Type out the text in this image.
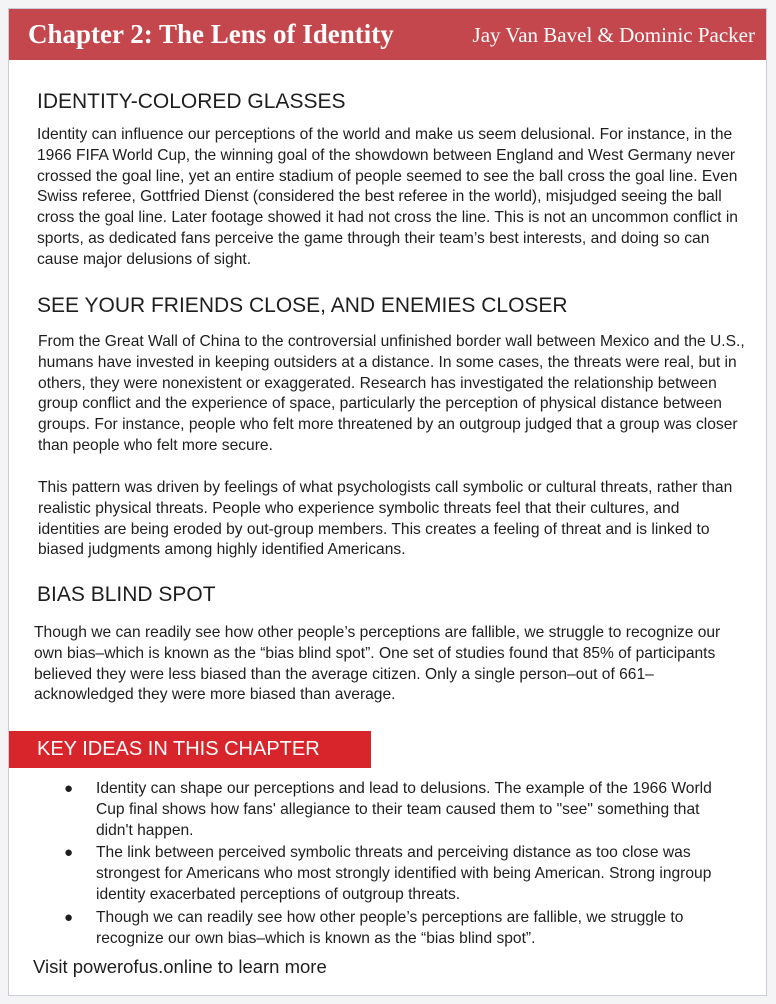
Chapter 2: The Lens of Identity	Jay Van Bavel & Dominic Packer
IDENTITY-COLORED GLASSES

Identity can influence our perceptions of the world and make us seem delusional. For instance, in the 1966 FIFA World Cup, the winning goal of the showdown between England and West Germany never crossed the goal line, yet an entire stadium of people seemed to see the ball cross the goal line. Even Swiss referee, Gottfried Dienst (considered the best referee in the world), misjudged seeing the ball cross the goal line. Later footage showed it had not cross the line. This is not an uncommon conflict in sports, as dedicated fans perceive the game through their team’s best interests, and doing so can cause major delusions of sight.

SEE YOUR FRIENDS CLOSE, AND ENEMIES CLOSER

From the Great Wall of China to the controversial unfinished border wall between Mexico and the U.S., humans have invested in keeping outsiders at a distance. In some cases, the threats were real, but in others, they were nonexistent or exaggerated. Research has investigated the relationship between group conflict and the experience of space, particularly the perception of physical distance between groups. For instance, people who felt more threatened by an outgroup judged that a group was closer than people who felt more secure.

This pattern was driven by feelings of what psychologists call symbolic or cultural threats, rather than realistic physical threats. People who experience symbolic threats feel that their cultures, and identities are being eroded by out-group members. This creates a feeling of threat and is linked to biased judgments among highly identified Americans.

BIAS BLIND SPOT

Though we can readily see how other people’s perceptions are fallible, we struggle to recognize our own bias–which is known as the “bias blind spot”. One set of studies found that 85% of participants believed they were less biased than the average citizen. Only a single person–out of 661–acknowledged they were more biased than average.

KEY IDEAS IN THIS CHAPTER
● Identity can shape our perceptions and lead to delusions. The example of the 1966 World Cup final shows how fans' allegiance to their team caused them to "see" something that didn't happen.
● The link between perceived symbolic threats and perceiving distance as too close was strongest for Americans who most strongly identified with being American. Strong ingroup identity exacerbated perceptions of outgroup threats.
● Though we can readily see how other people’s perceptions are fallible, we struggle to recognize our own bias–which is known as the “bias blind spot”.
Visit powerofus.online to learn more
